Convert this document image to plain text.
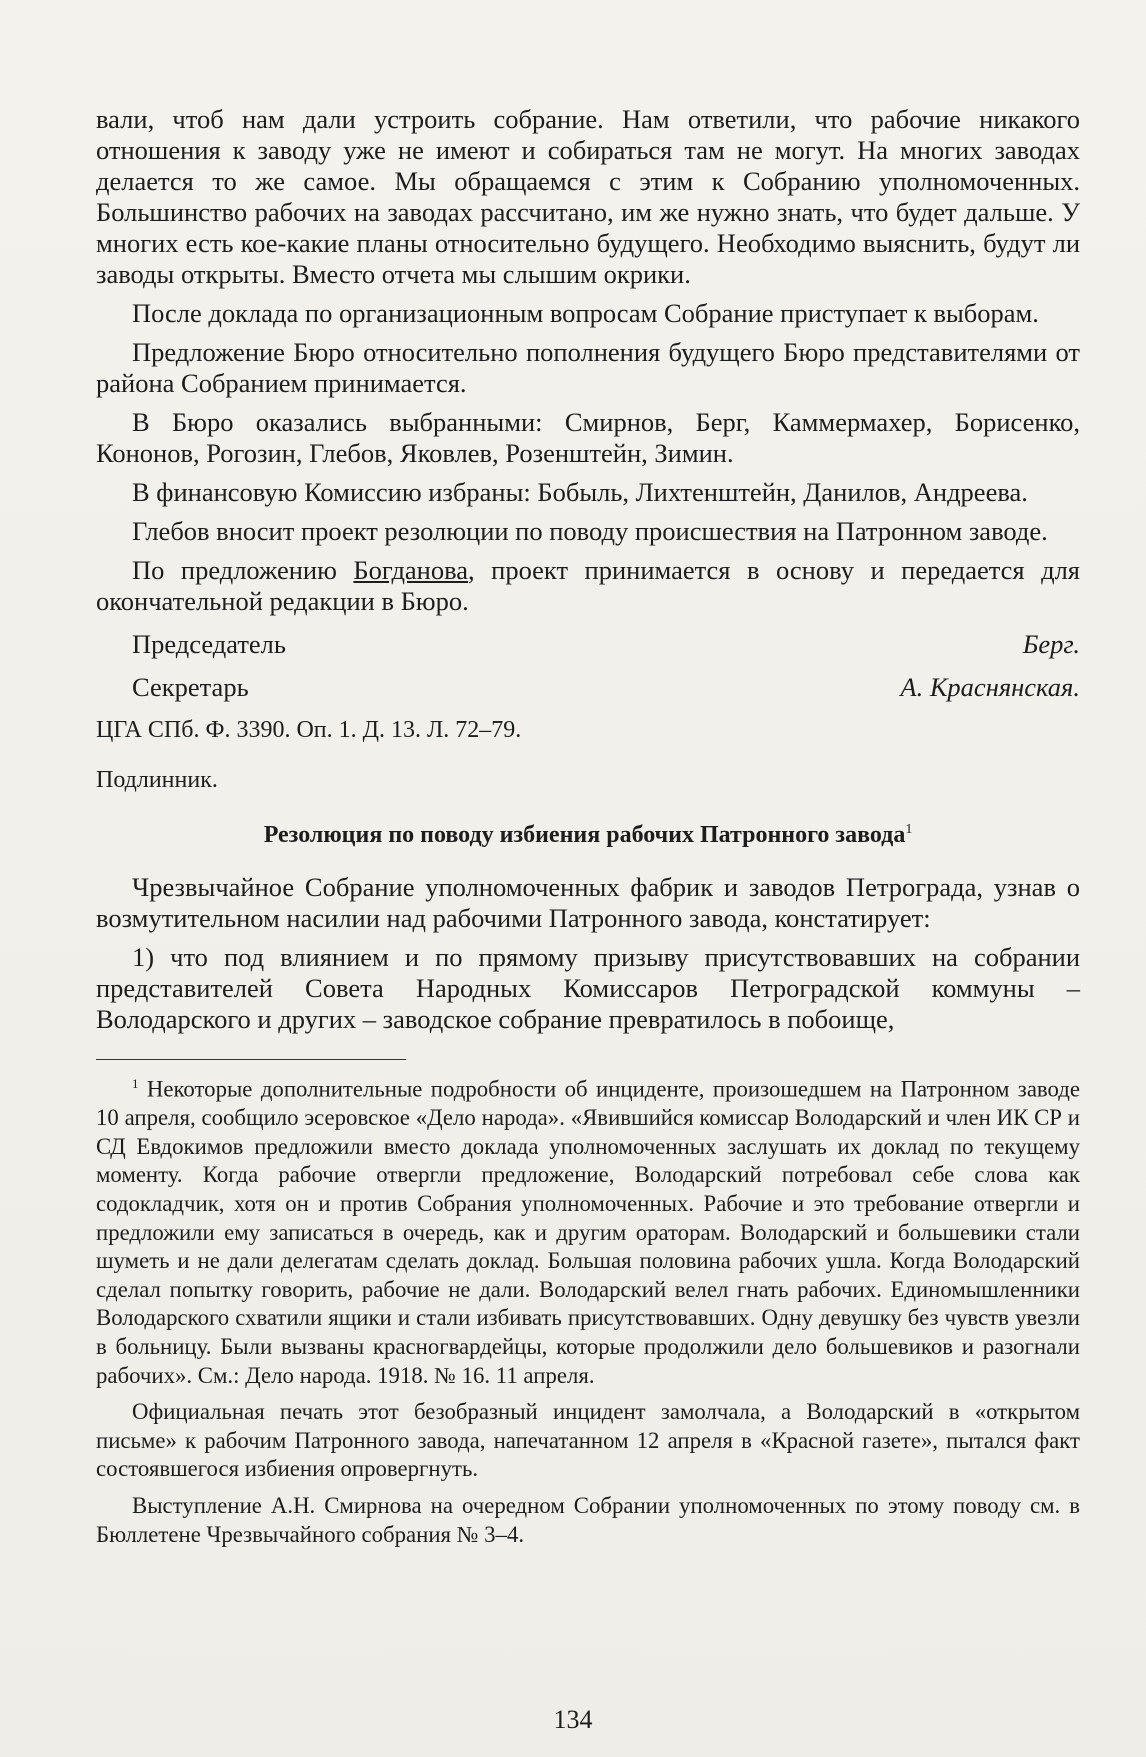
вали, чтоб нам дали устроить собрание. Нам ответили, что рабочие никакого отношения к заводу уже не имеют и собираться там не могут. На многих заводах делается то же самое. Мы обращаемся с этим к Собранию уполномоченных. Большинство рабочих на заводах рассчитано, им же нужно знать, что будет дальше. У многих есть кое-какие планы относительно будущего. Необходимо выяснить, будут ли заводы открыты. Вместо отчета мы слышим окрики.

После доклада по организационным вопросам Собрание приступает к выборам.

Предложение Бюро относительно пополнения будущего Бюро представителями от района Собранием принимается.

В Бюро оказались выбранными: Смирнов, Берг, Каммермахер, Борисенко, Кононов, Рогозин, Глебов, Яковлев, Розенштейн, Зимин.

В финансовую Комиссию избраны: Бобыль, Лихтенштейн, Данилов, Андреева.

Глебов вносит проект резолюции по поводу происшествия на Патронном заводе.

По предложению Богданова, проект принимается в основу и передается для окончательной редакции в Бюро.

Председатель	Берг.
Секретарь	А. Краснянская.

ЦГА СПб. Ф. 3390. Оп. 1. Д. 13. Л. 72–79.

Подлинник.

Резолюция по поводу избиения рабочих Патронного завода$^1$

Чрезвычайное Собрание уполномоченных фабрик и заводов Петрограда, узнав о возмутительном насилии над рабочими Патронного завода, констатирует:

1) что под влиянием и по прямому призыву присутствовавших на собрании представителей Совета Народных Комиссаров Петроградской коммуны – Володарского и других – заводское собрание превратилось в побоище,

$^1$ Некоторые дополнительные подробности об инциденте, произошедшем на Патронном заводе 10 апреля, сообщило эсеровское «Дело народа». «Явившийся комиссар Володарский и член ИК СР и СД Евдокимов предложили вместо доклада уполномоченных заслушать их доклад по текущему моменту. Когда рабочие отвергли предложение, Володарский потребовал себе слова как содокладчик, хотя он и против Собрания уполномоченных. Рабочие и это требование отвергли и предложили ему записаться в очередь, как и другим ораторам. Володарский и большевики стали шуметь и не дали делегатам сделать доклад. Большая половина рабочих ушла. Когда Володарский сделал попытку говорить, рабочие не дали. Володарский велел гнать рабочих. Единомышленники Володарского схватили ящики и стали избивать присутствовавших. Одну девушку без чувств увезли в больницу. Были вызваны красногвардейцы, которые продолжили дело большевиков и разогнали рабочих». См.: Дело народа. 1918. № 16. 11 апреля.

Официальная печать этот безобразный инцидент замолчала, а Володарский в «открытом письме» к рабочим Патронного завода, напечатанном 12 апреля в «Красной газете», пытался факт состоявшегося избиения опровергнуть.

Выступление А.Н. Смирнова на очередном Собрании уполномоченных по этому поводу см. в Бюллетене Чрезвычайного собрания № 3–4.

134
